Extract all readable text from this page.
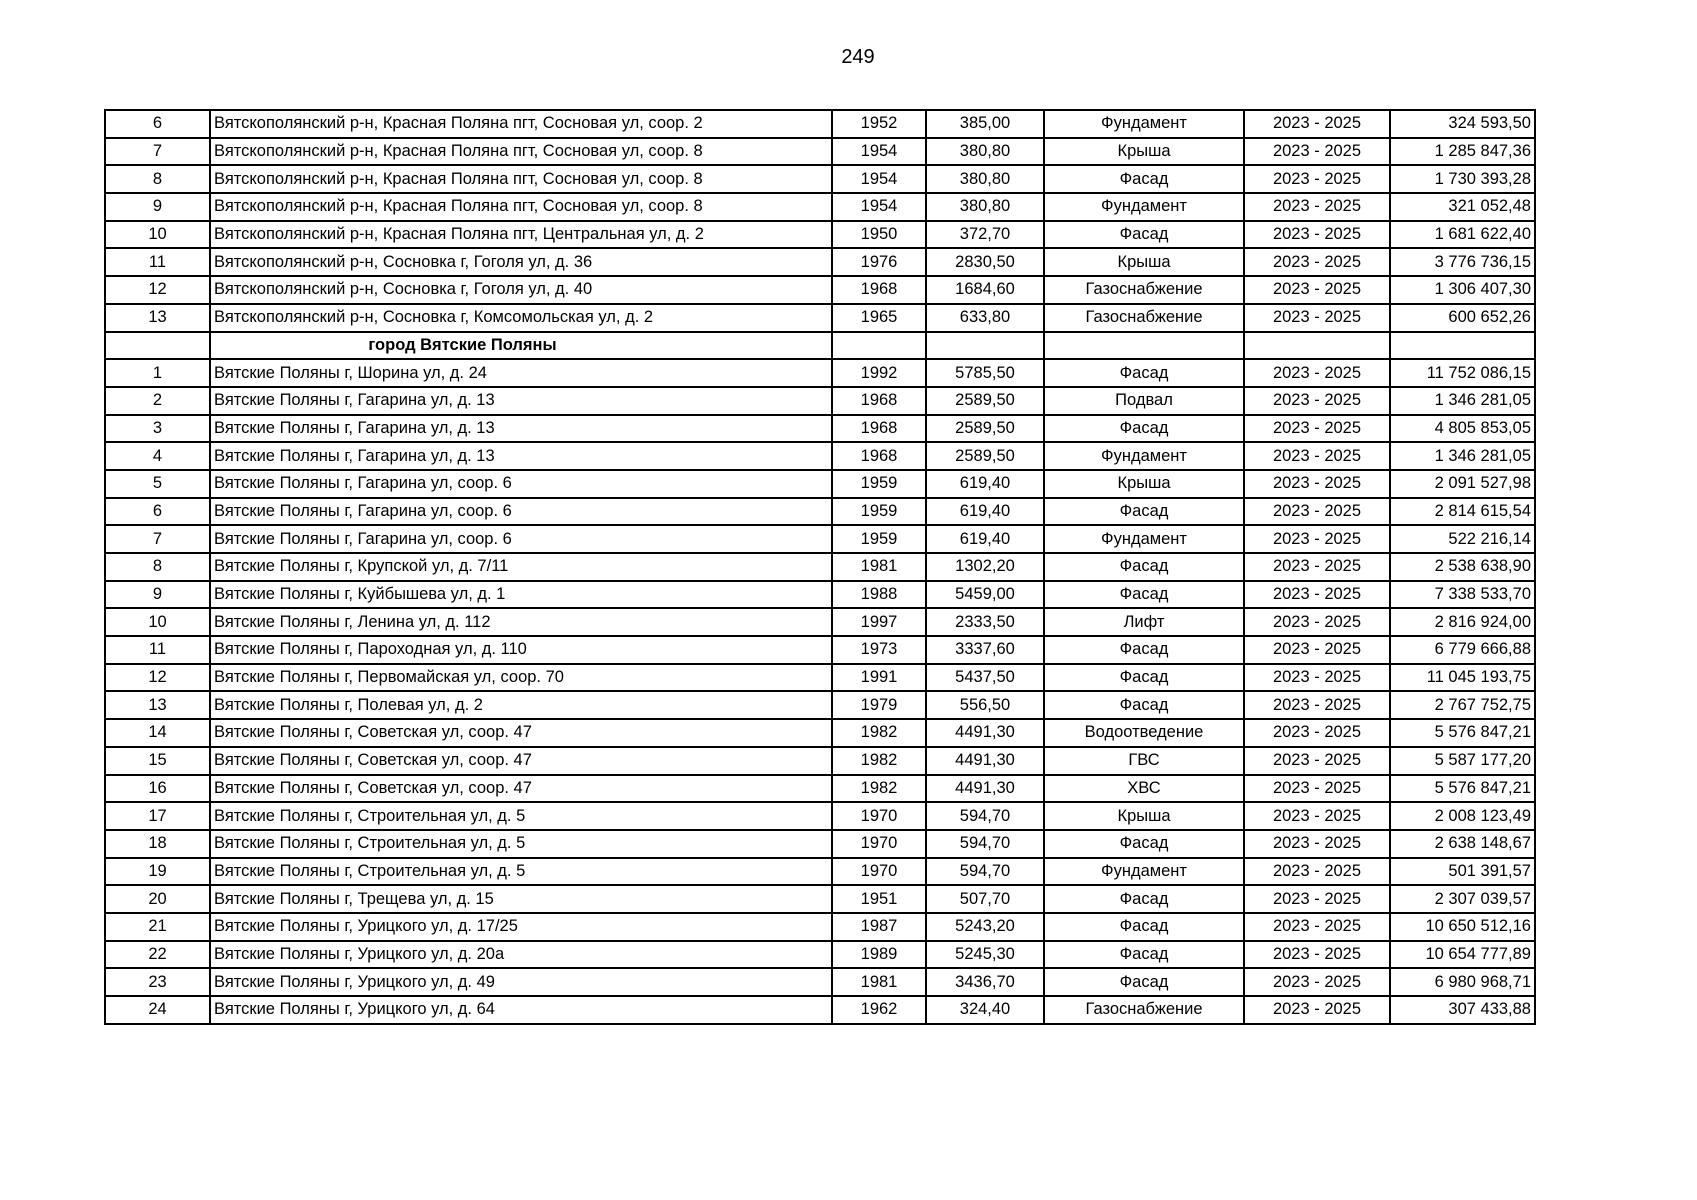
249
6	Вятскополянский р-н, Красная Поляна пгт, Сосновая ул, соор. 2	1952	385,00	Фундамент	2023 - 2025	324 593,50
7	Вятскополянский р-н, Красная Поляна пгт, Сосновая ул, соор. 8	1954	380,80	Крыша	2023 - 2025	1 285 847,36
8	Вятскополянский р-н, Красная Поляна пгт, Сосновая ул, соор. 8	1954	380,80	Фасад	2023 - 2025	1 730 393,28
9	Вятскополянский р-н, Красная Поляна пгт, Сосновая ул, соор. 8	1954	380,80	Фундамент	2023 - 2025	321 052,48
10	Вятскополянский р-н, Красная Поляна пгт, Центральная ул, д. 2	1950	372,70	Фасад	2023 - 2025	1 681 622,40
11	Вятскополянский р-н, Сосновка г, Гоголя ул, д. 36	1976	2830,50	Крыша	2023 - 2025	3 776 736,15
12	Вятскополянский р-н, Сосновка г, Гоголя ул, д. 40	1968	1684,60	Газоснабжение	2023 - 2025	1 306 407,30
13	Вятскополянский р-н, Сосновка г, Комсомольская ул, д. 2	1965	633,80	Газоснабжение	2023 - 2025	600 652,26
	город Вятские Поляны					
1	Вятские Поляны г, Шорина ул, д. 24	1992	5785,50	Фасад	2023 - 2025	11 752 086,15
2	Вятские Поляны г, Гагарина ул, д. 13	1968	2589,50	Подвал	2023 - 2025	1 346 281,05
3	Вятские Поляны г, Гагарина ул, д. 13	1968	2589,50	Фасад	2023 - 2025	4 805 853,05
4	Вятские Поляны г, Гагарина ул, д. 13	1968	2589,50	Фундамент	2023 - 2025	1 346 281,05
5	Вятские Поляны г, Гагарина ул, соор. 6	1959	619,40	Крыша	2023 - 2025	2 091 527,98
6	Вятские Поляны г, Гагарина ул, соор. 6	1959	619,40	Фасад	2023 - 2025	2 814 615,54
7	Вятские Поляны г, Гагарина ул, соор. 6	1959	619,40	Фундамент	2023 - 2025	522 216,14
8	Вятские Поляны г, Крупской ул, д. 7/11	1981	1302,20	Фасад	2023 - 2025	2 538 638,90
9	Вятские Поляны г, Куйбышева ул, д. 1	1988	5459,00	Фасад	2023 - 2025	7 338 533,70
10	Вятские Поляны г, Ленина ул, д. 112	1997	2333,50	Лифт	2023 - 2025	2 816 924,00
11	Вятские Поляны г, Пароходная ул, д. 110	1973	3337,60	Фасад	2023 - 2025	6 779 666,88
12	Вятские Поляны г, Первомайская ул, соор. 70	1991	5437,50	Фасад	2023 - 2025	11 045 193,75
13	Вятские Поляны г, Полевая ул, д. 2	1979	556,50	Фасад	2023 - 2025	2 767 752,75
14	Вятские Поляны г, Советская ул, соор. 47	1982	4491,30	Водоотведение	2023 - 2025	5 576 847,21
15	Вятские Поляны г, Советская ул, соор. 47	1982	4491,30	ГВС	2023 - 2025	5 587 177,20
16	Вятские Поляны г, Советская ул, соор. 47	1982	4491,30	ХВС	2023 - 2025	5 576 847,21
17	Вятские Поляны г, Строительная ул, д. 5	1970	594,70	Крыша	2023 - 2025	2 008 123,49
18	Вятские Поляны г, Строительная ул, д. 5	1970	594,70	Фасад	2023 - 2025	2 638 148,67
19	Вятские Поляны г, Строительная ул, д. 5	1970	594,70	Фундамент	2023 - 2025	501 391,57
20	Вятские Поляны г, Трещева ул, д. 15	1951	507,70	Фасад	2023 - 2025	2 307 039,57
21	Вятские Поляны г, Урицкого ул, д. 17/25	1987	5243,20	Фасад	2023 - 2025	10 650 512,16
22	Вятские Поляны г, Урицкого ул, д. 20а	1989	5245,30	Фасад	2023 - 2025	10 654 777,89
23	Вятские Поляны г, Урицкого ул, д. 49	1981	3436,70	Фасад	2023 - 2025	6 980 968,71
24	Вятские Поляны г, Урицкого ул, д. 64	1962	324,40	Газоснабжение	2023 - 2025	307 433,88
